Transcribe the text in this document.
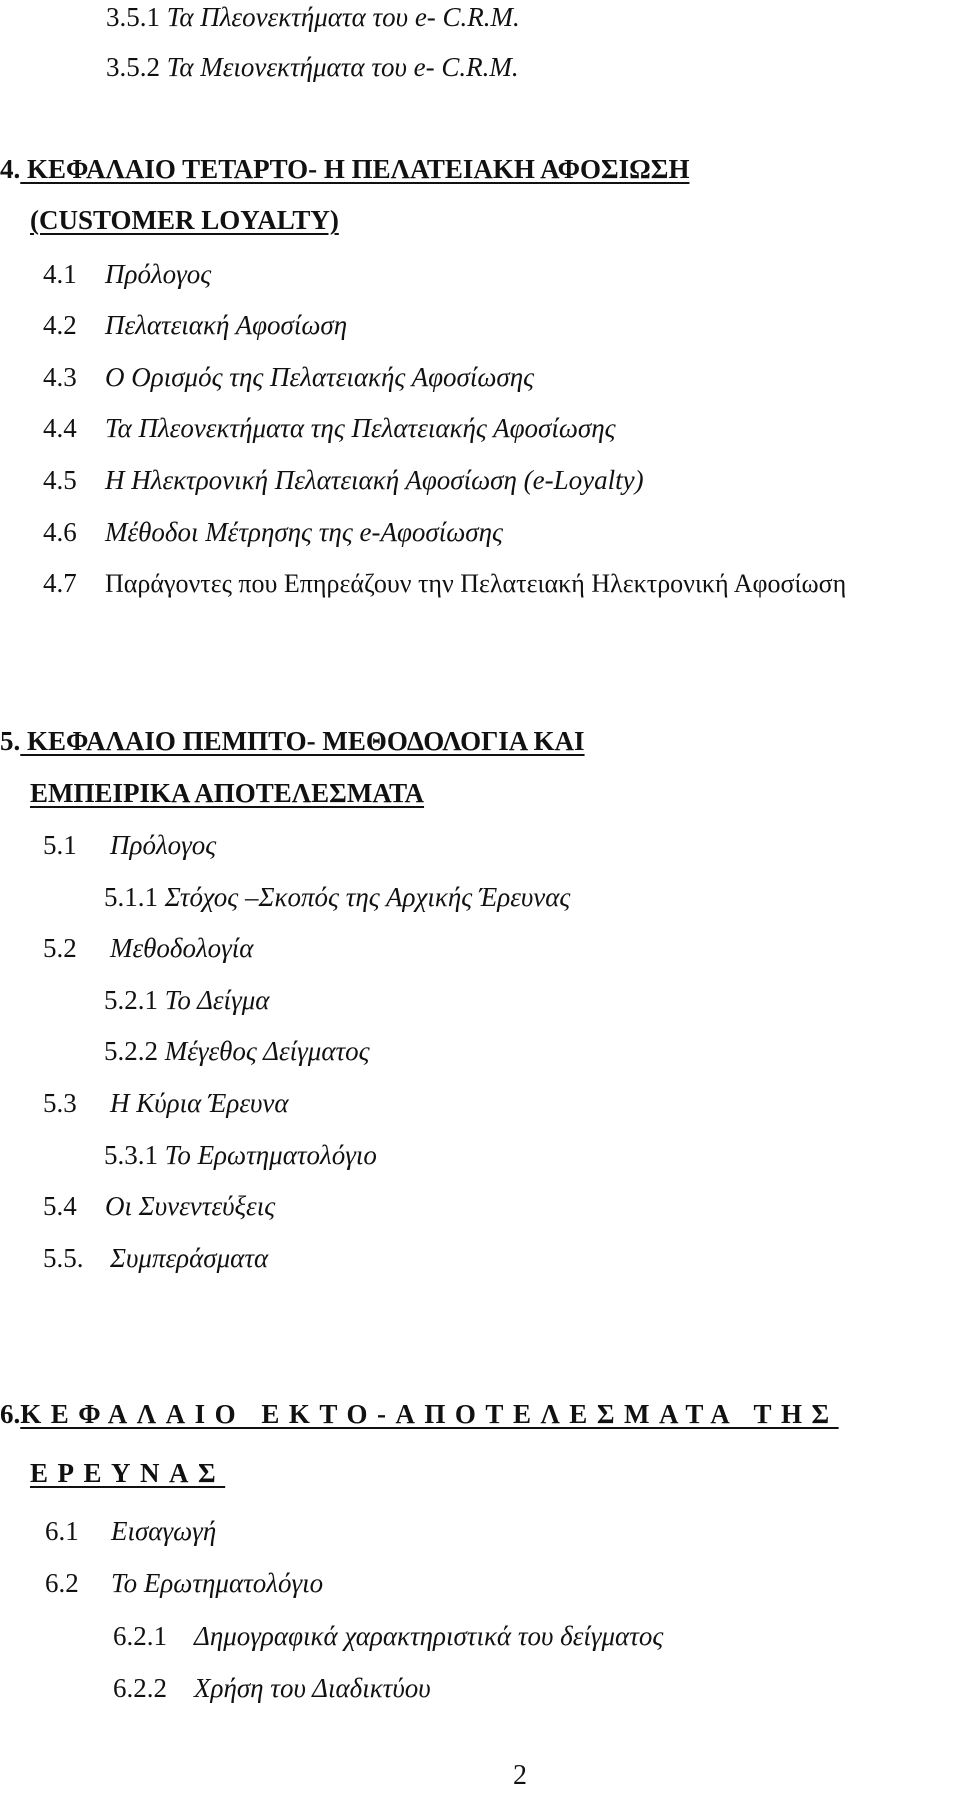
3.5.1 Τα Πλεονεκτήματα του e- C.R.M.
3.5.2 Τα Μειονεκτήματα του e- C.R.M.
4. ΚΕΦΑΛΑΙΟ ΤΕΤΑΡΤΟ- Η ΠΕΛΑΤΕΙΑΚΗ ΑΦΟΣΙΩΣΗ
(CUSTOMER LOYALTY)
4.1 Πρόλογος
4.2 Πελατειακή Αφοσίωση
4.3 Ο Ορισμός της Πελατειακής Αφοσίωσης
4.4 Τα Πλεονεκτήματα της Πελατειακής Αφοσίωσης
4.5 Η Ηλεκτρονική Πελατειακή Αφοσίωση (e-Loyalty)
4.6 Μέθοδοι Μέτρησης της e-Αφοσίωσης
4.7 Παράγοντες που Επηρεάζουν την Πελατειακή Ηλεκτρονική Αφοσίωση
5. ΚΕΦΑΛΑΙΟ ΠΕΜΠΤΟ- ΜΕΘΟΔΟΛΟΓΙΑ ΚΑΙ
ΕΜΠΕΙΡΙΚΑ ΑΠΟΤΕΛΕΣΜΑΤΑ
5.1 Πρόλογος
5.1.1 Στόχος –Σκοπός της Αρχικής Έρευνας
5.2 Μεθοδολογία
5.2.1 Το Δείγμα
5.2.2 Μέγεθος Δείγματος
5.3 Η Κύρια Έρευνα
5.3.1 Το Ερωτηματολόγιο
5.4 Οι Συνεντεύξεις
5.5. Συμπεράσματα
6.ΚΕΦΑΛΑΙΟ ΕΚΤΟ-ΑΠΟΤΕΛΕΣΜΑΤΑ ΤΗΣ
ΕΡΕΥΝΑΣ
6.1 Εισαγωγή
6.2 Το Ερωτηματολόγιο
6.2.1 Δημογραφικά χαρακτηριστικά του δείγματος
6.2.2 Χρήση του Διαδικτύου
2
